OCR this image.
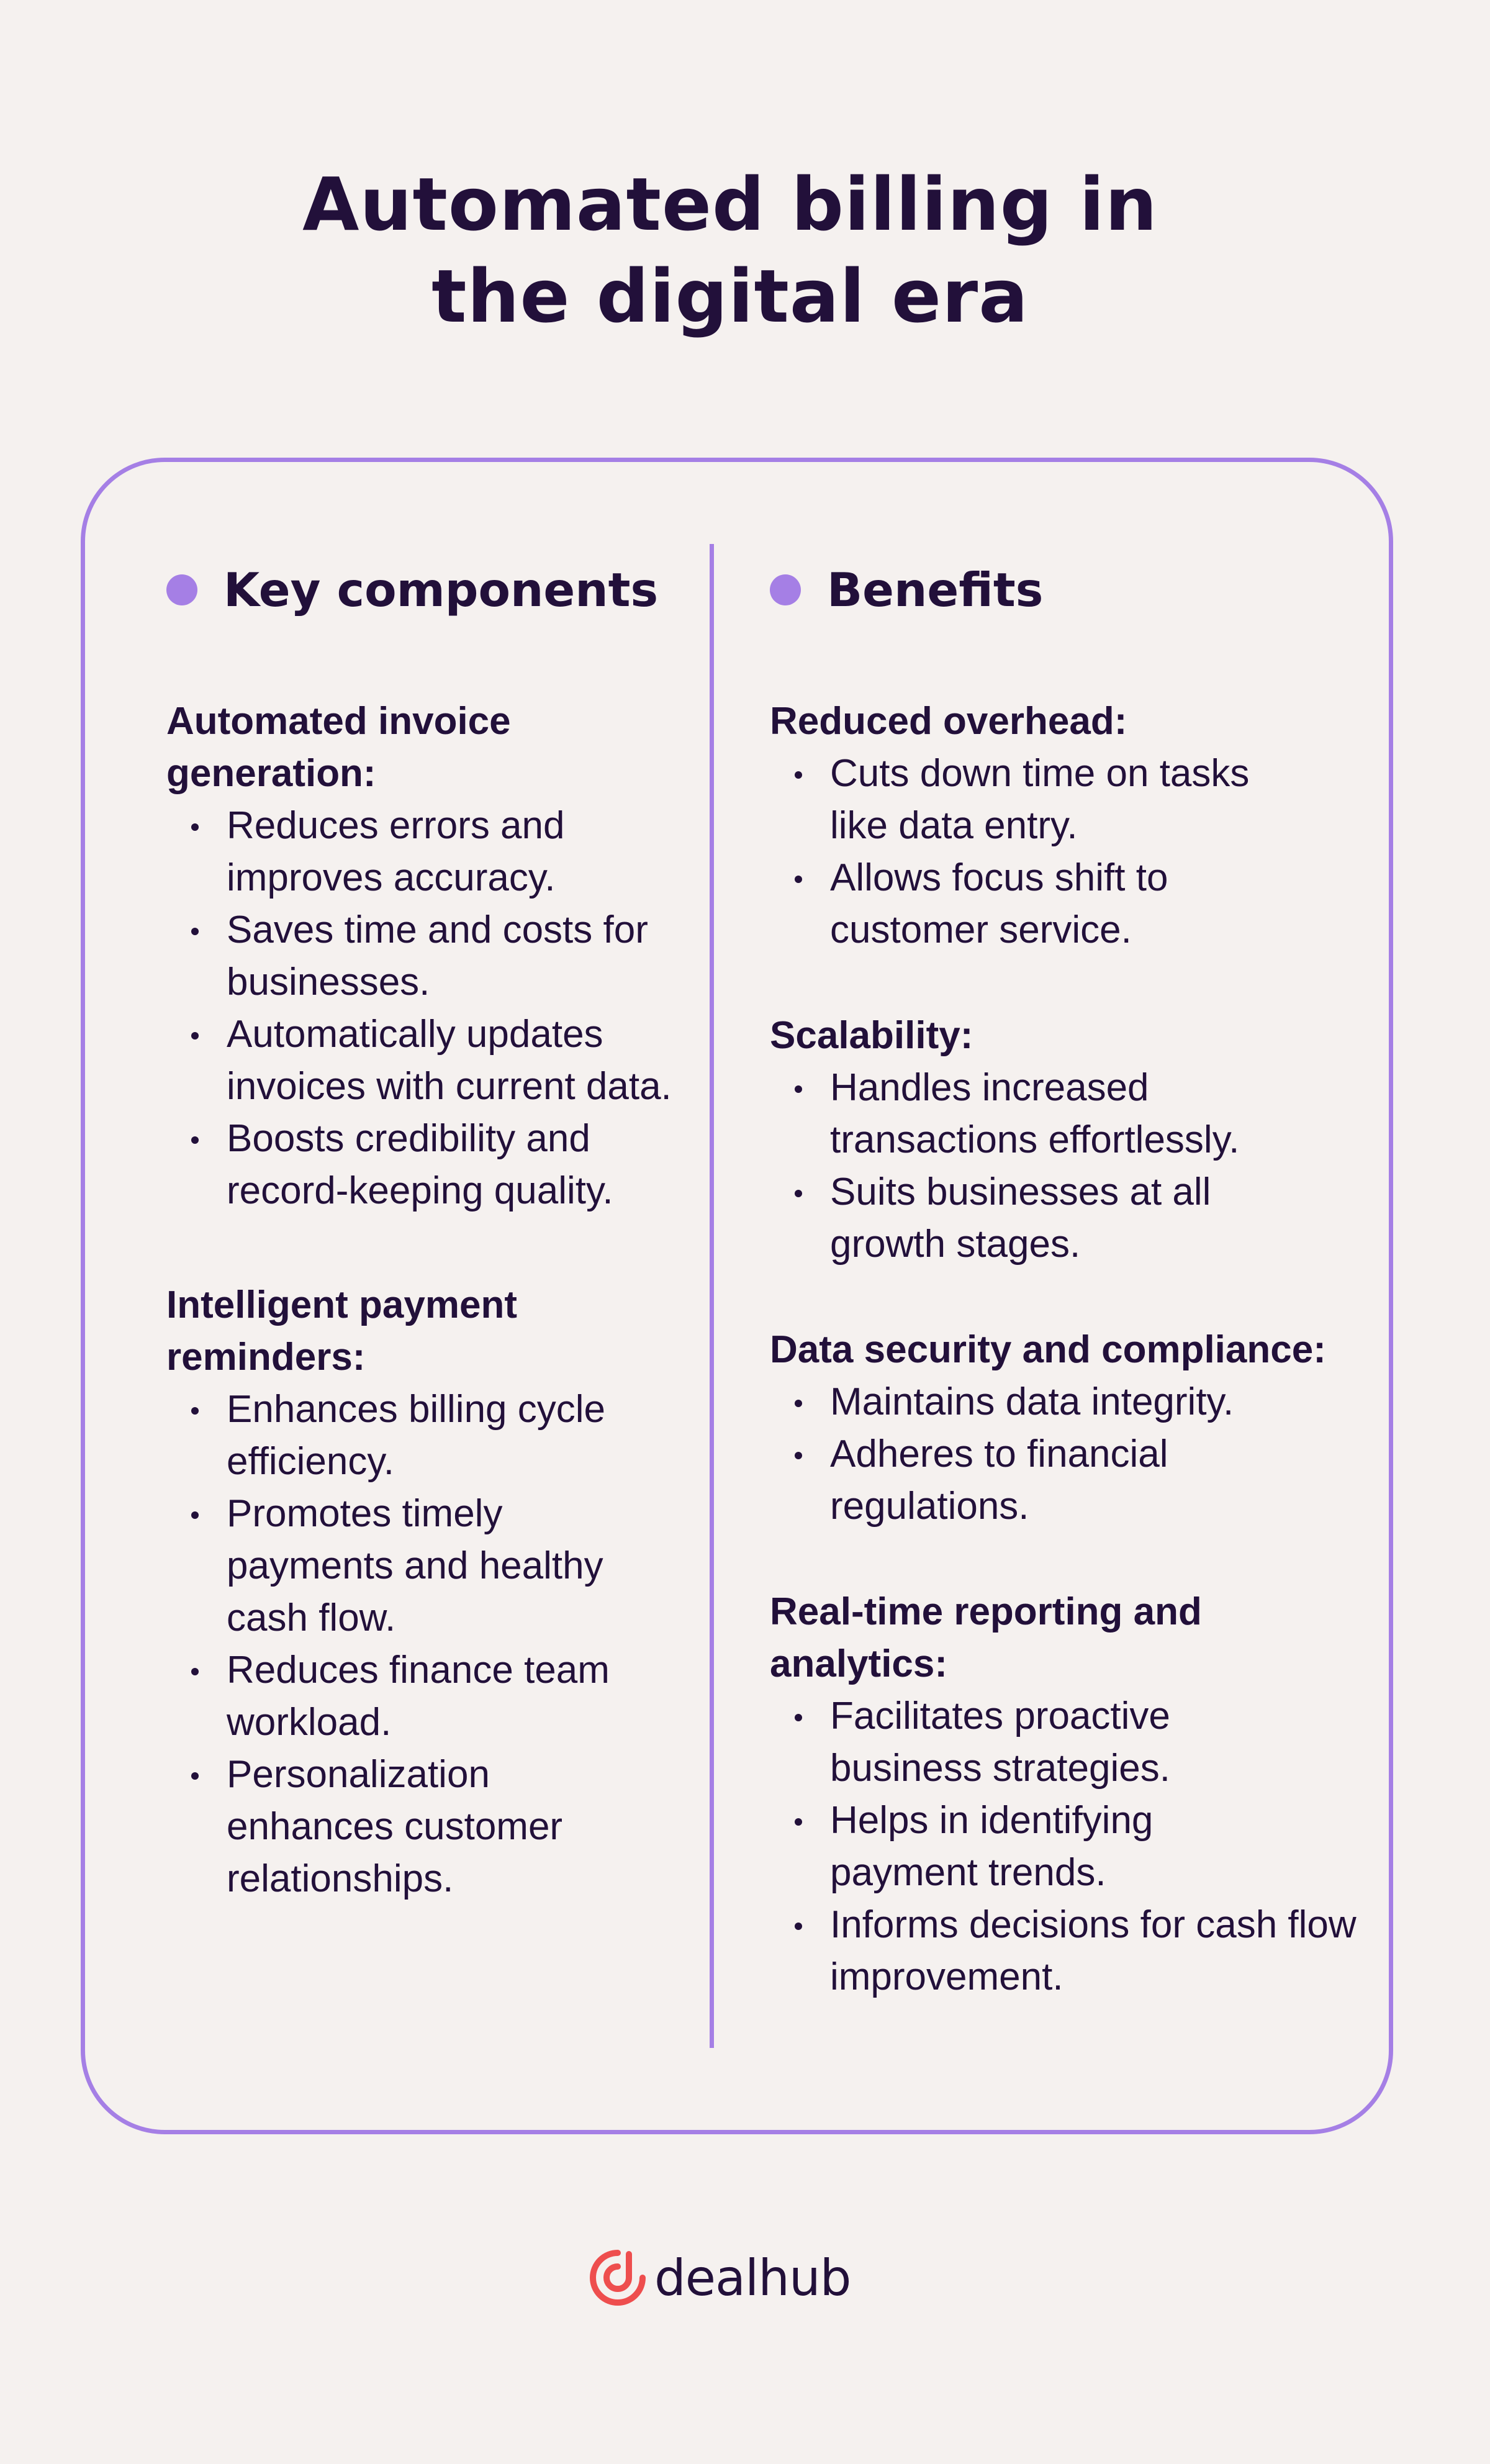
Automated billing in
the digital era
Key components

Automated invoice generation:

Reduces errors and improves accuracy.
Saves time and costs for businesses.
Automatically updates invoices with current data.
Boosts credibility and record-keeping quality.

Intelligent payment reminders:

Enhances billing cycle efficiency.
Promotes timely payments and healthy cash flow.
Reduces finance team workload.
Personalization enhances customer relationships.
Benefits

Reduced overhead:

Cuts down time on tasks like data entry.
Allows focus shift to customer service.

Scalability:

Handles increased transactions effortlessly.
Suits businesses at all growth stages.

Data security and compliance:

Maintains data integrity.
Adheres to financial regulations.

Real-time reporting and analytics:

Facilitates proactive business strategies.
Helps in identifying payment trends.
Informs decisions for cash flow improvement.
dealhub
